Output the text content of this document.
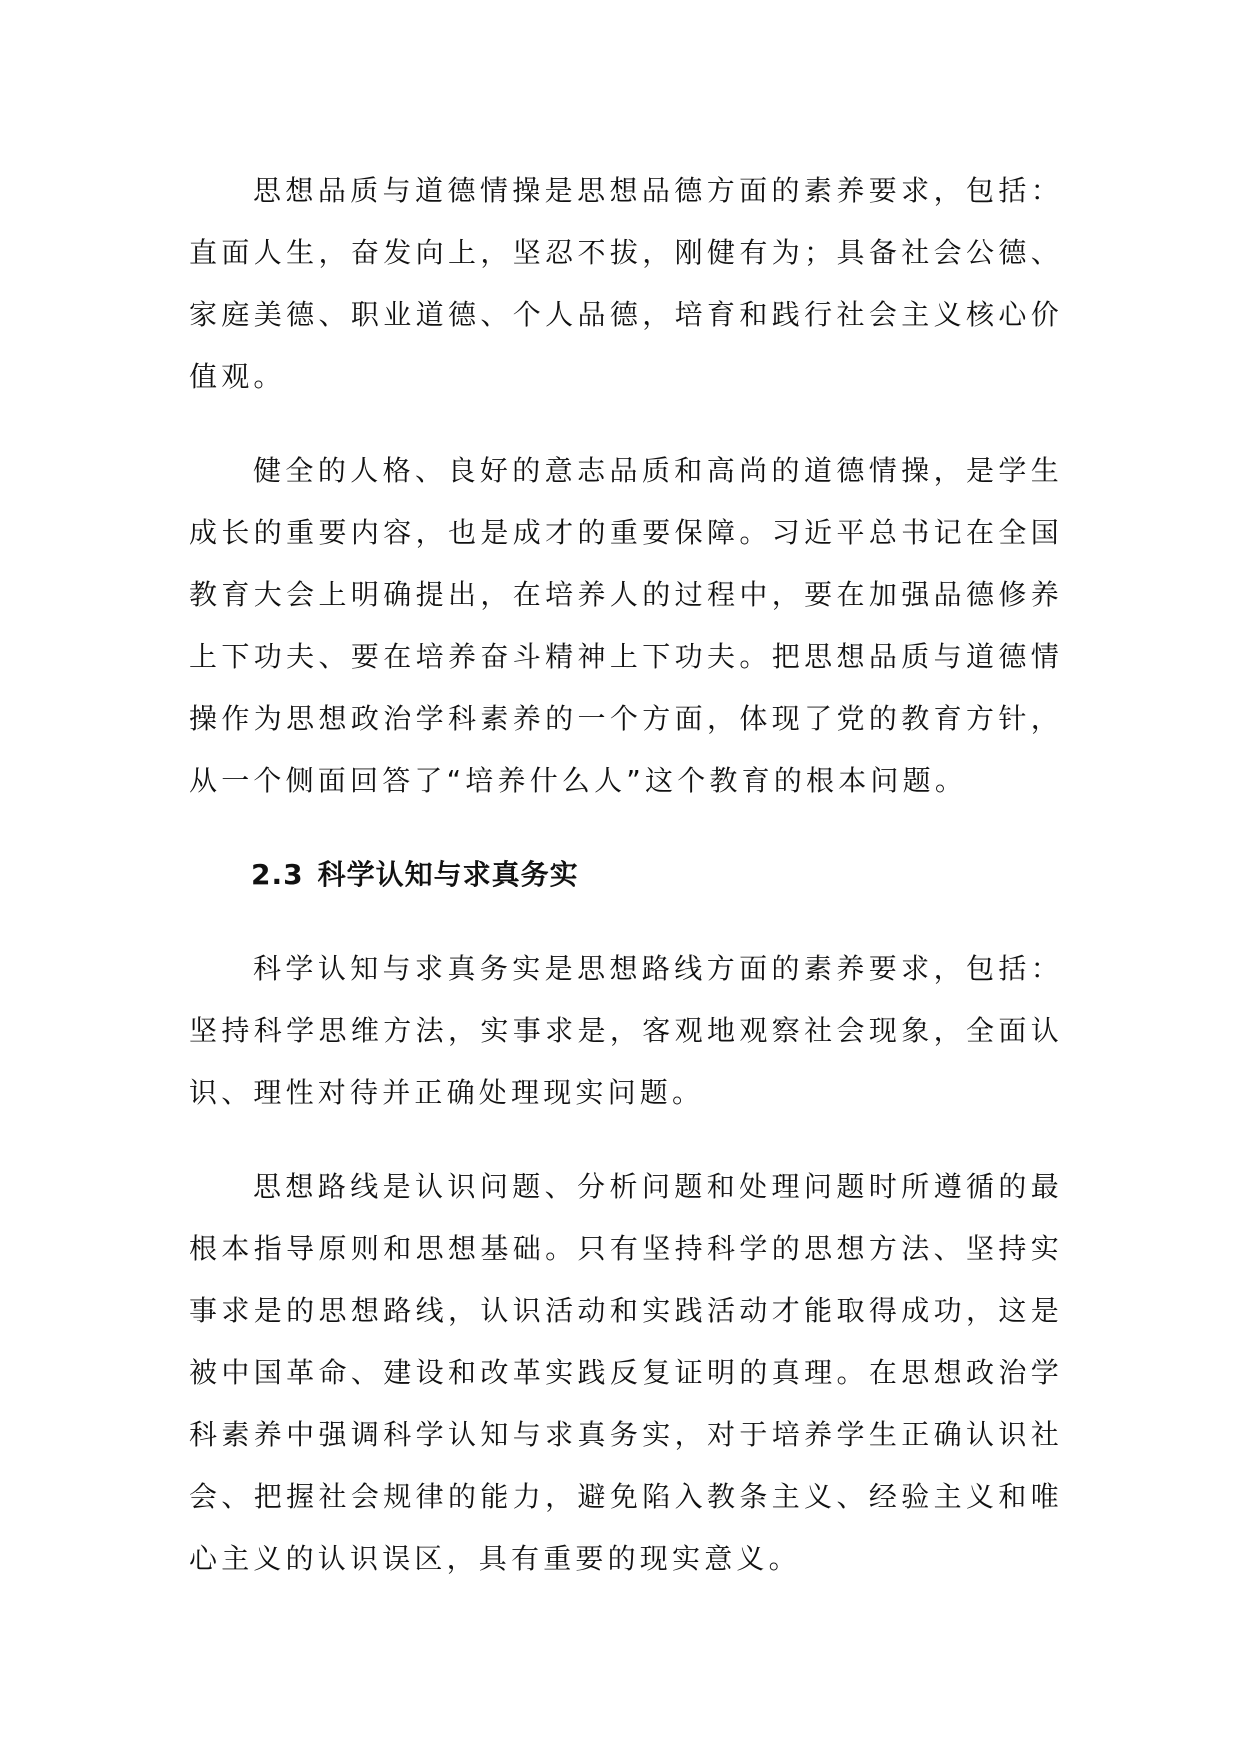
思想品质与道德情操是思想品德方面的素养要求，包括：直面人生，奋发向上，坚忍不拔，刚健有为；具备社会公德、家庭美德、职业道德、个人品德，培育和践行社会主义核心价值观。

健全的人格、良好的意志品质和高尚的道德情操，是学生成长的重要内容，也是成才的重要保障。习近平总书记在全国教育大会上明确提出，在培养人的过程中，要在加强品德修养上下功夫、要在培养奋斗精神上下功夫。把思想品质与道德情操作为思想政治学科素养的一个方面，体现了党的教育方针，从一个侧面回答了“培养什么人”这个教育的根本问题。

2.3 科学认知与求真务实

科学认知与求真务实是思想路线方面的素养要求，包括：坚持科学思维方法，实事求是，客观地观察社会现象，全面认识、理性对待并正确处理现实问题。

思想路线是认识问题、分析问题和处理问题时所遵循的最根本指导原则和思想基础。只有坚持科学的思想方法、坚持实事求是的思想路线，认识活动和实践活动才能取得成功，这是被中国革命、建设和改革实践反复证明的真理。在思想政治学科素养中强调科学认知与求真务实，对于培养学生正确认识社会、把握社会规律的能力，避免陷入教条主义、经验主义和唯心主义的认识误区，具有重要的现实意义。
